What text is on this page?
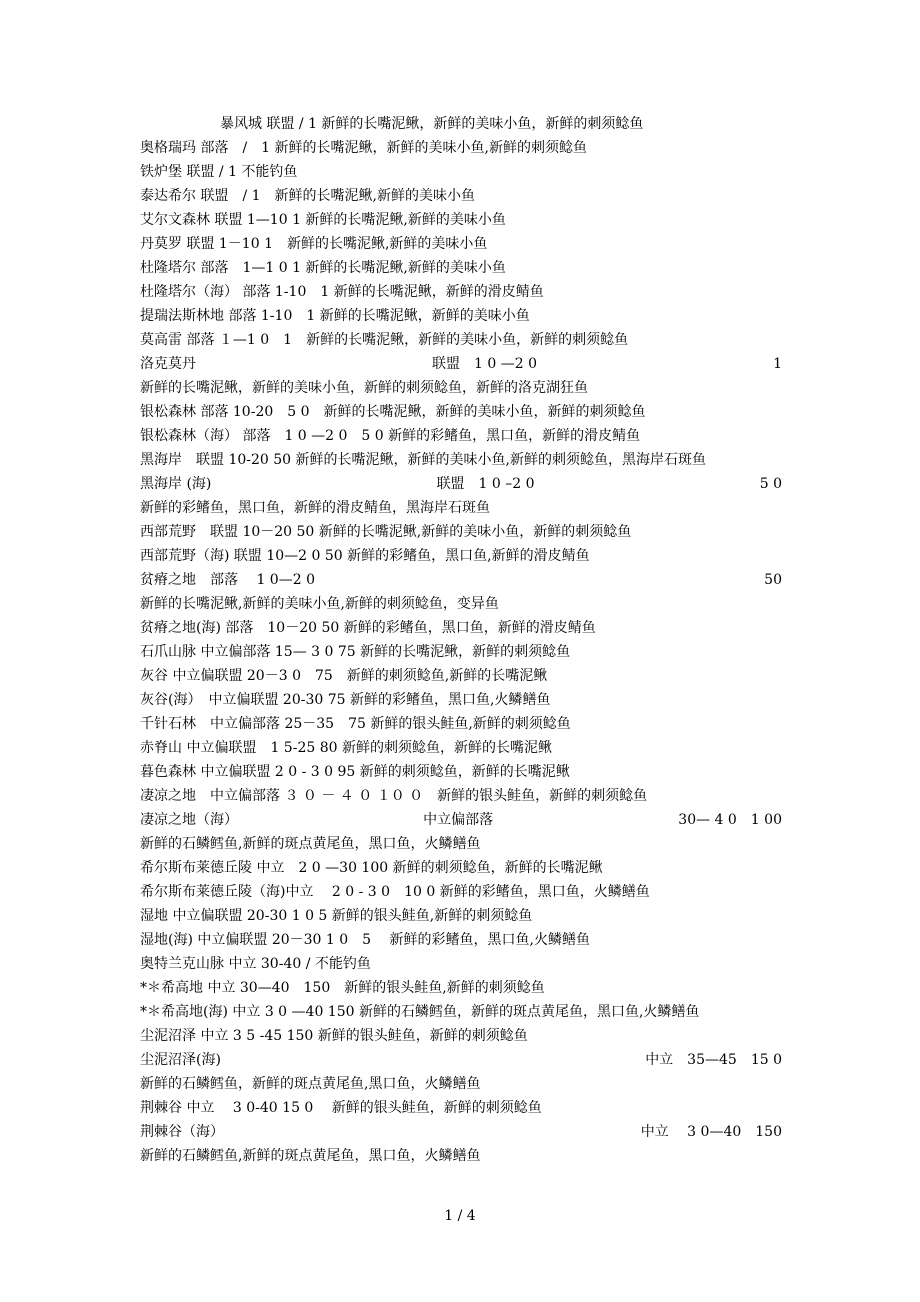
暴风城 联盟 / 1 新鲜的长嘴泥鳅，新鲜的美味小鱼，新鲜的刺须鲶鱼
奥格瑞玛 部落　/　1 新鲜的长嘴泥鳅，新鲜的美味小鱼,新鲜的刺须鲶鱼
铁炉堡 联盟 / 1 不能钓鱼
泰达希尔 联盟　/ 1　新鲜的长嘴泥鳅,新鲜的美味小鱼
艾尔文森林 联盟 1—10 1 新鲜的长嘴泥鳅,新鲜的美味小鱼
丹莫罗 联盟 1－10 1　新鲜的长嘴泥鳅,新鲜的美味小鱼
杜隆塔尔 部落　1—1 0 1 新鲜的长嘴泥鳅,新鲜的美味小鱼
杜隆塔尔（海） 部落 1-10　1 新鲜的长嘴泥鳅，新鲜的滑皮鲭鱼
提瑞法斯林地 部落 1-10　1 新鲜的长嘴泥鳅，新鲜的美味小鱼
莫高雷 部落 １—1 0　1　新鲜的长嘴泥鳅，新鲜的美味小鱼，新鲜的刺须鲶鱼
洛克莫丹	联盟　1 0 —2 0	1
新鲜的长嘴泥鳅，新鲜的美味小鱼，新鲜的刺须鲶鱼，新鲜的洛克湖狂鱼
银松森林 部落 10-20　5 0　新鲜的长嘴泥鳅，新鲜的美味小鱼，新鲜的刺须鲶鱼
银松森林（海） 部落　1 0 —2 0　5 0 新鲜的彩鳍鱼，黑口鱼，新鲜的滑皮鲭鱼
黑海岸　联盟 10-20 50 新鲜的长嘴泥鳅，新鲜的美味小鱼,新鲜的刺须鲶鱼，黑海岸石斑鱼
黑海岸 (海)	联盟　1 0 –2 0	5 0
新鲜的彩鳍鱼，黑口鱼，新鲜的滑皮鲭鱼，黑海岸石斑鱼
西部荒野　联盟 10－20 50 新鲜的长嘴泥鳅,新鲜的美味小鱼，新鲜的刺须鲶鱼
西部荒野（海) 联盟 10—2 0 50 新鲜的彩鳍鱼，黑口鱼,新鲜的滑皮鲭鱼
贫瘠之地　部落　 1 0—2 0	50
新鲜的长嘴泥鳅,新鲜的美味小鱼,新鲜的刺须鲶鱼，变异鱼
贫瘠之地(海) 部落　10－20 50 新鲜的彩鳍鱼，黑口鱼，新鲜的滑皮鲭鱼
石爪山脉 中立偏部落 15— 3 0 75 新鲜的长嘴泥鳅，新鲜的刺须鲶鱼
灰谷 中立偏联盟 20－3 0　75　新鲜的刺须鲶鱼,新鲜的长嘴泥鳅
灰谷(海）　中立偏联盟 20-30 75 新鲜的彩鳍鱼，黑口鱼,火鳞鳝鱼
千针石林　中立偏部落 25－35　75 新鲜的银头鲑鱼,新鲜的刺须鲶鱼
赤脊山 中立偏联盟　1 5-25 80 新鲜的刺须鲶鱼，新鲜的长嘴泥鳅
暮色森林 中立偏联盟 2 0 - 3 0 95 新鲜的刺须鲶鱼，新鲜的长嘴泥鳅
凄凉之地　中立偏部落 ３ ０ － ４ ０ １０ ０　新鲜的银头鲑鱼，新鲜的刺须鲶鱼
凄凉之地（海）	中立偏部落	30— 4 0　1 00
新鲜的石鳞鳕鱼,新鲜的斑点黄尾鱼，黑口鱼，火鳞鳝鱼
希尔斯布莱德丘陵 中立　2 0 —30 100 新鲜的刺须鲶鱼，新鲜的长嘴泥鳅
希尔斯布莱德丘陵（海)中立　 2 0 - 3 0　10 0 新鲜的彩鳍鱼，黑口鱼，火鳞鳝鱼
湿地 中立偏联盟 20-30 1 0 5 新鲜的银头鲑鱼,新鲜的刺须鲶鱼
湿地(海) 中立偏联盟 20－30 1 0　5　 新鲜的彩鳍鱼，黑口鱼,火鳞鳝鱼
奥特兰克山脉 中立 30-40 / 不能钓鱼
*＊希高地 中立 30—40　150　新鲜的银头鲑鱼,新鲜的刺须鲶鱼
*＊希高地(海) 中立 3 0 —40 150 新鲜的石鳞鳕鱼，新鲜的斑点黄尾鱼，黑口鱼,火鳞鳝鱼
尘泥沼泽 中立 3 5 -45 150 新鲜的银头鲑鱼，新鲜的刺须鲶鱼
尘泥沼泽(海)	中立　35—45　15 0
新鲜的石鳞鳕鱼，新鲜的斑点黄尾鱼,黑口鱼，火鳞鳝鱼
荆棘谷 中立　 3 0-40 15 0　 新鲜的银头鲑鱼，新鲜的刺须鲶鱼
荆棘谷（海）	中立　 3 0—40　150
新鲜的石鳞鳕鱼,新鲜的斑点黄尾鱼，黑口鱼，火鳞鳝鱼
1 / 4
